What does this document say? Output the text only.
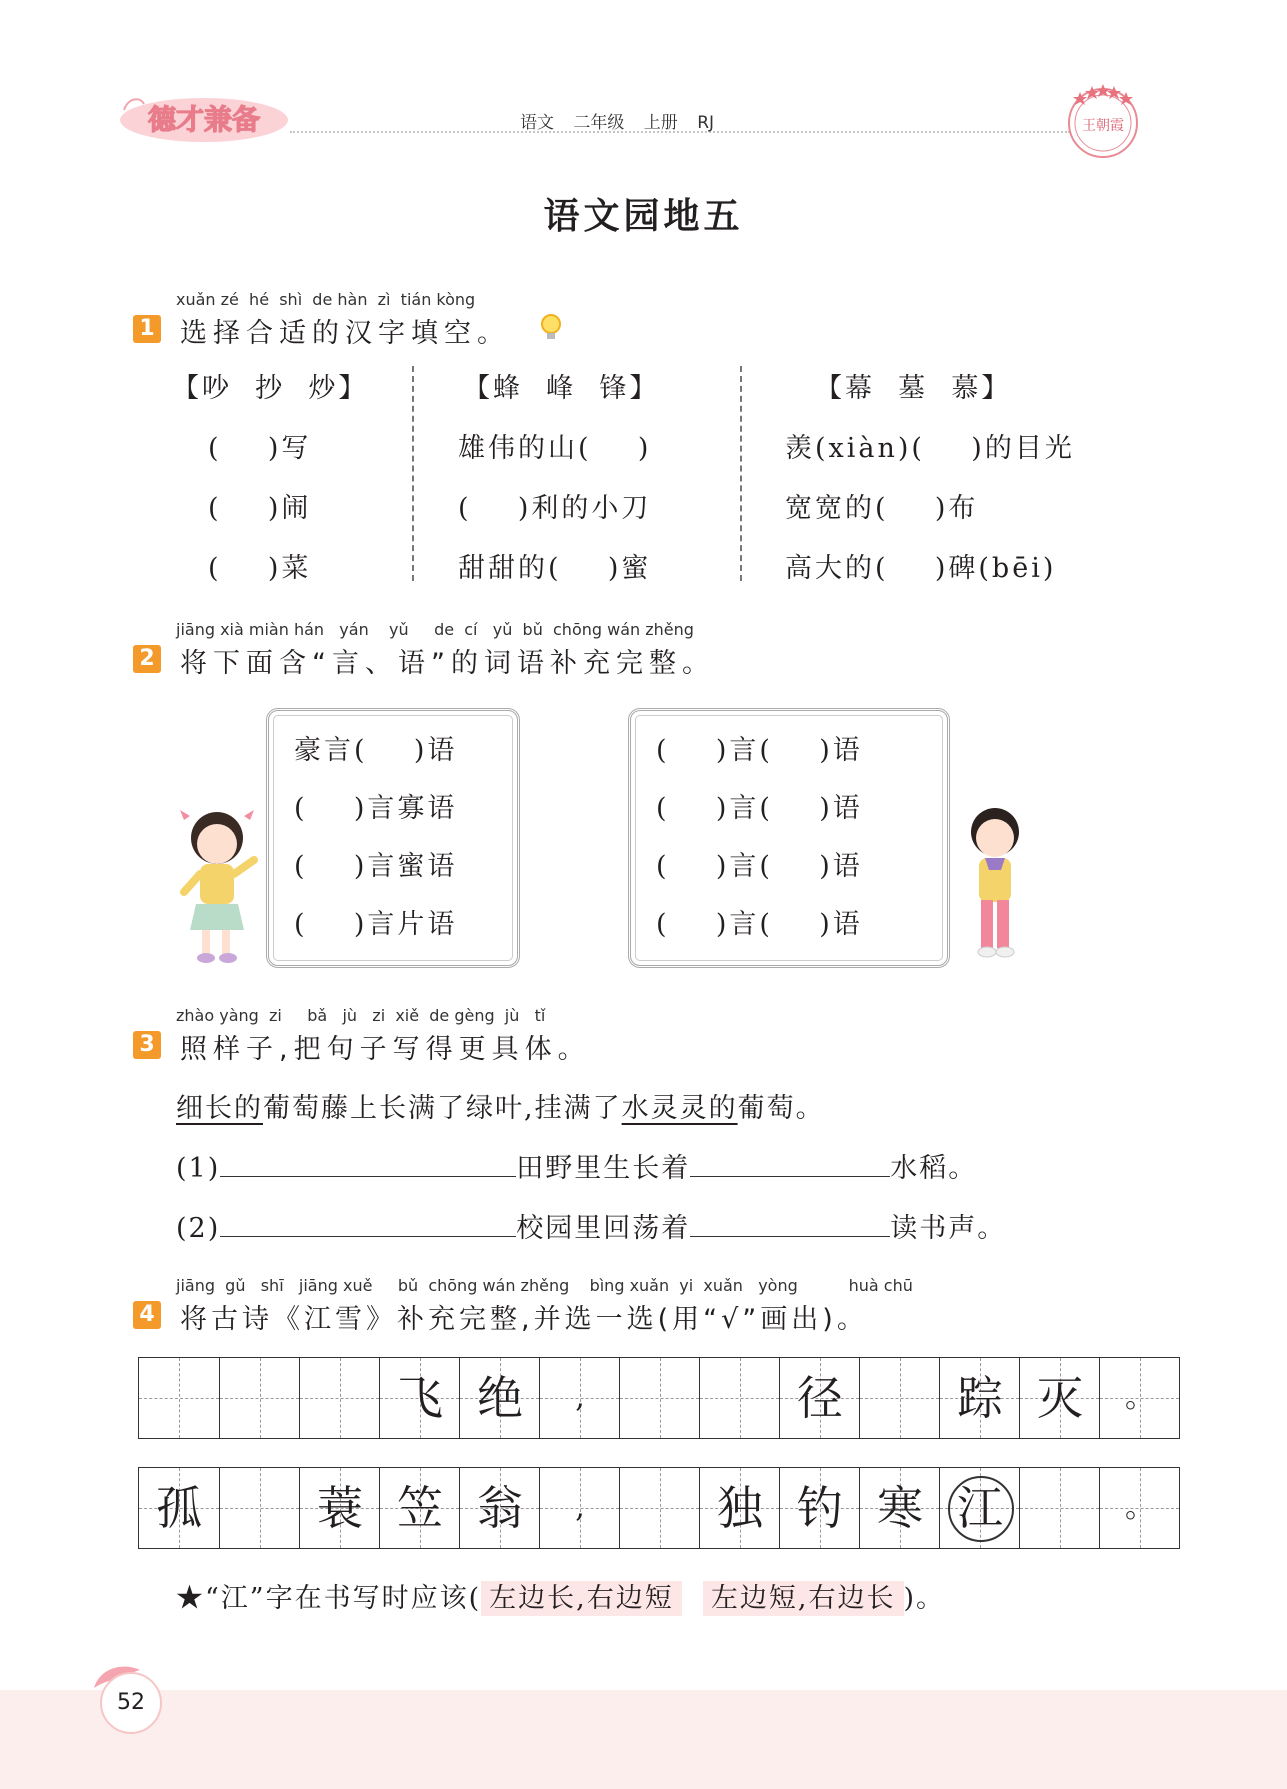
德才兼备	语文 二年级 上册 RJ	王朝霞
语文园地五
xuǎn zé  hé  shì  de hàn  zì  tián kòng
1 选择合适的汉字填空。
【吵  抄  炒】
(    )写
(    )闹
(    )菜
【蜂  峰  锋】
雄伟的山(    )
(    )利的小刀
甜甜的(    )蜜
【幕  墓  慕】
羡(xiàn)(    )的目光
宽宽的(    )布
高大的(    )碑(bēi)
jiāng xià miàn hán   yán    yǔ     de  cí   yǔ  bǔ  chōng wán zhěng
2 将下面含“言、语”的词语补充完整。
豪言(    )语
(    )言寡语
(    )言蜜语
(    )言片语
(    )言(    )语
(    )言(    )语
(    )言(    )语
(    )言(    )语
zhào yàng  zi     bǎ   jù   zi  xiě  de gèng  jù   tǐ
3 照样子,把句子写得更具体。
细长的葡萄藤上长满了绿叶,挂满了水灵灵的葡萄。
(1)	田野里生长着	水稻。
(2)	校园里回荡着	读书声。
jiāng  gǔ   shī   jiāng xuě     bǔ  chōng wán zhěng    bìng xuǎn  yi  xuǎn   yòng          huà chū
4 将古诗《江雪》补充完整,并选一选(用“√”画出)。
飞 绝	,	径	踪 灭	。
孤	蓑 笠 翁	,	独 钓 寒 江	。
★“江”字在书写时应该( 左边长,右边短 左边短,右边长 )。
52
